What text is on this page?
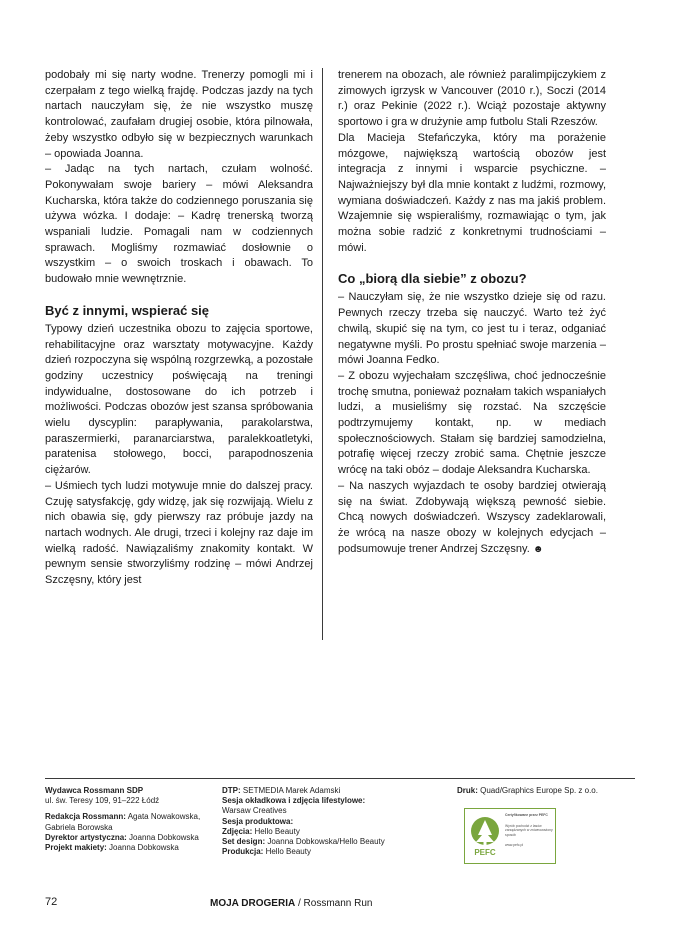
podobały mi się narty wodne. Trenerzy pomogli mi i czerpałam z tego wielką frajdę. Podczas jazdy na tych nartach nauczyłam się, że nie wszystko muszę kontrolować, zaufałam drugiej osobie, która pilnowała, żeby wszystko odbyło się w bezpiecznych warunkach – opowiada Joanna.

– Jadąc na tych nartach, czułam wolność. Pokonywałam swoje bariery – mówi Aleksandra Kucharska, która także do codziennego poruszania się używa wózka. I dodaje: – Kadrę trenerską tworzą wspaniali ludzie. Pomagali nam w codziennych sprawach. Mogliśmy rozmawiać dosłownie o wszystkim – o swoich troskach i obawach. To budowało mnie wewnętrznie.

Być z innymi, wspierać się

Typowy dzień uczestnika obozu to zajęcia sportowe, rehabilitacyjne oraz warsztaty motywacyjne. Każdy dzień rozpoczyna się wspólną rozgrzewką, a pozostałe godziny uczestnicy poświęcają na treningi indywidualne, dostosowane do ich potrzeb i możliwości. Podczas obozów jest szansa spróbowania wielu dyscyplin: parapływania, parakolarstwa, paraszermierki, paranarciarstwa, paralekkoatletyki, paratenisa stołowego, bocci, parapodnoszenia ciężarów.

– Uśmiech tych ludzi motywuje mnie do dalszej pracy. Czuję satysfakcję, gdy widzę, jak się rozwijają. Wielu z nich obawia się, gdy pierwszy raz próbuje jazdy na nartach wodnych. Ale drugi, trzeci i kolejny raz daje im wielką radość. Nawiązaliśmy znakomity kontakt. W pewnym sensie stworzyliśmy rodzinę – mówi Andrzej Szczęsny, który jest

trenerem na obozach, ale również paralimpijczykiem z zimowych igrzysk w Vancouver (2010 r.), Soczi (2014 r.) oraz Pekinie (2022 r.). Wciąż pozostaje aktywny sportowo i gra w drużynie amp futbolu Stali Rzeszów.

Dla Macieja Stefańczyka, który ma porażenie mózgowe, największą wartością obozów jest integracja z innymi i wsparcie psychiczne. – Najważniejszy był dla mnie kontakt z ludźmi, rozmowy, wymiana doświadczeń. Każdy z nas ma jakiś problem. Wzajemnie się wspieraliśmy, rozmawiając o tym, jak można sobie radzić z konkretnymi trudnościami – mówi.

Co „biorą dla siebie” z obozu?

– Nauczyłam się, że nie wszystko dzieje się od razu. Pewnych rzeczy trzeba się nauczyć. Warto też żyć chwilą, skupić się na tym, co jest tu i teraz, odganiać negatywne myśli. Po prostu spełniać swoje marzenia – mówi Joanna Fedko.

– Z obozu wyjechałam szczęśliwa, choć jednocześnie trochę smutna, ponieważ poznałam takich wspaniałych ludzi, a musieliśmy się rozstać. Na szczęście podtrzymujemy kontakt, np. w mediach społecznościowych. Stałam się bardziej samodzielna, potrafię więcej rzeczy zrobić sama. Chętnie jeszcze wrócę na taki obóz – dodaje Aleksandra Kucharska.

– Na naszych wyjazdach te osoby bardziej otwierają się na świat. Zdobywają większą pewność siebie. Chcą nowych doświadczeń. Wszyscy zadeklarowali, że wrócą na nasze obozy w kolejnych edycjach – podsumowuje trener Andrzej Szczęsny. ☻

Wydawca Rossmann SDP

ul. św. Teresy 109, 91–222 Łódź

Redakcja Rossmann: Agata Nowakowska, Gabriela Borowska

Dyrektor artystyczna: Joanna Dobkowska

Projekt makiety: Joanna Dobkowska

DTP: SETMEDIA Marek Adamski

Sesja okładkowa i zdjęcia lifestylowe:

Warsaw Creatives

Sesja produktowa:

Zdjęcia: Hello Beauty

Set design: Joanna Dobkowska/Hello Beauty

Produkcja: Hello Beauty

Druk: Quad/Graphics Europe Sp. z o.o.

PEFC
Certyfikowane przez PEFC
Wyrób pochodzi z lasów zarządzanych w zrównoważony sposób
www.pefc.pl
72	MOJA DROGERIA / Rossmann Run
